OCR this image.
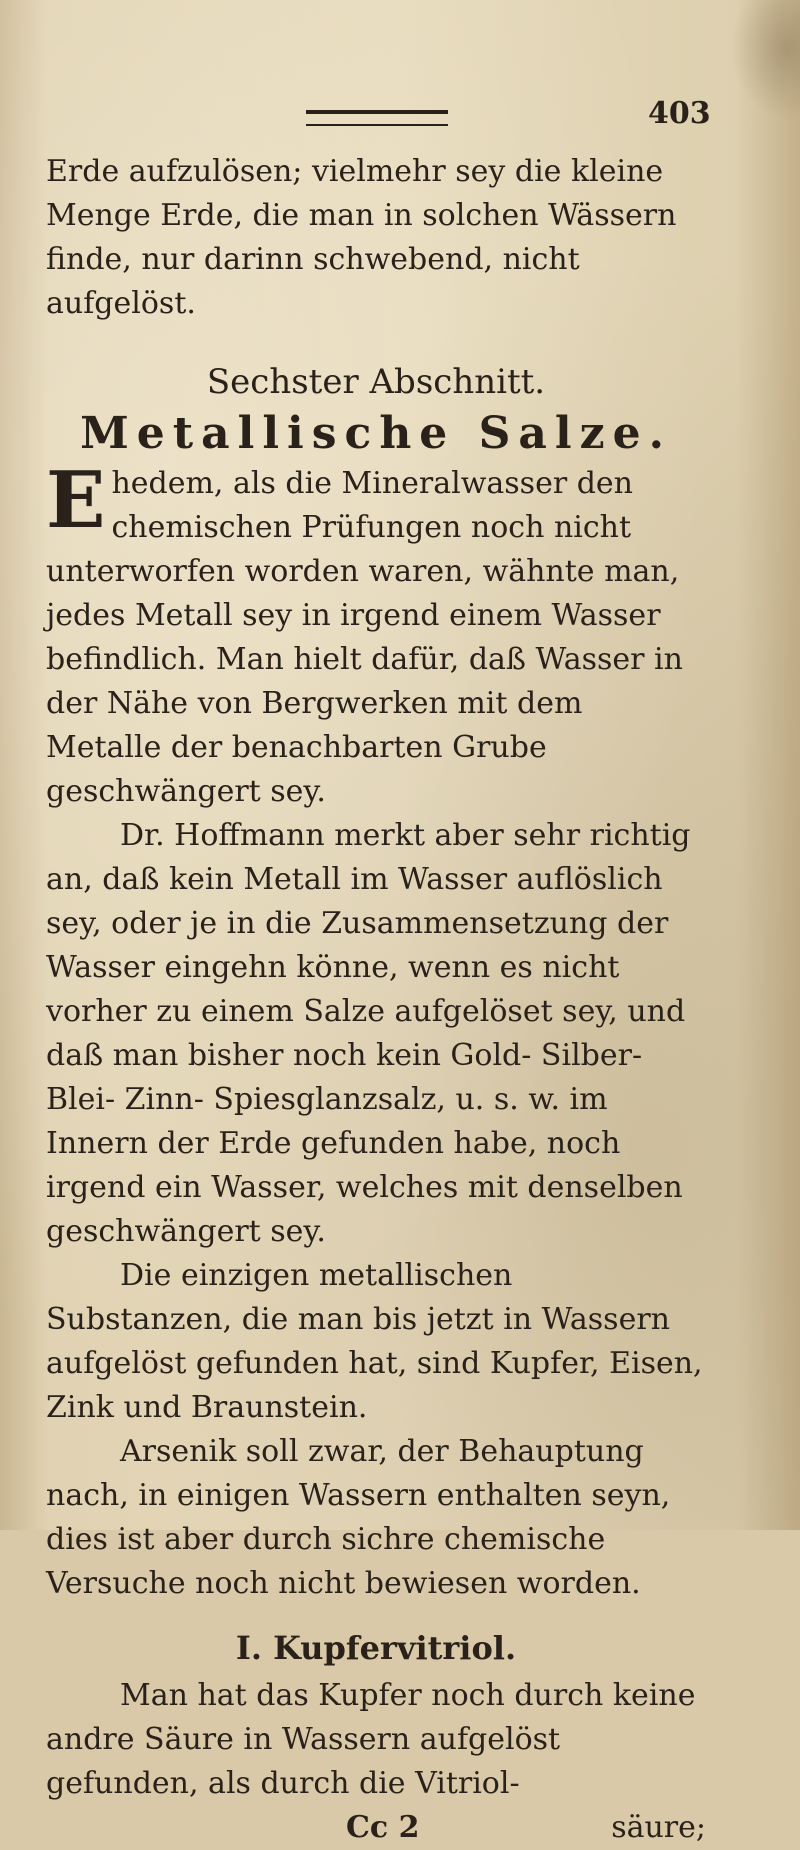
403

Erde aufzulösen; vielmehr sey die kleine Menge Erde, die man in solchen Wässern finde, nur darinn schwebend, nicht aufgelöst.

Sechster Abschnitt.

Metallische Salze.

Ehedem, als die Mineralwasser den chemischen Prüfungen noch nicht unterworfen worden waren, wähnte man, jedes Metall sey in irgend einem Wasser befindlich. Man hielt dafür, daß Wasser in der Nähe von Bergwerken mit dem Metalle der benachbarten Grube geschwängert sey.

Dr. Hoffmann merkt aber sehr richtig an, daß kein Metall im Wasser auflöslich sey, oder je in die Zusammensetzung der Wasser eingehn könne, wenn es nicht vorher zu einem Salze aufgelöset sey, und daß man bisher noch kein Gold- Silber- Blei- Zinn- Spiesglanzsalz, u. s. w. im Innern der Erde gefunden habe, noch irgend ein Wasser, welches mit denselben geschwängert sey.

Die einzigen metallischen Substanzen, die man bis jetzt in Wassern aufgelöst gefunden hat, sind Kupfer, Eisen, Zink und Braunstein.

Arsenik soll zwar, der Behauptung nach, in einigen Wassern enthalten seyn, dies ist aber durch sichre chemische Versuche noch nicht bewiesen worden.

I. Kupfervitriol.

Man hat das Kupfer noch durch keine andre Säure in Wassern aufgelöst gefunden, als durch die Vitriol-

Cc 2	säure;
